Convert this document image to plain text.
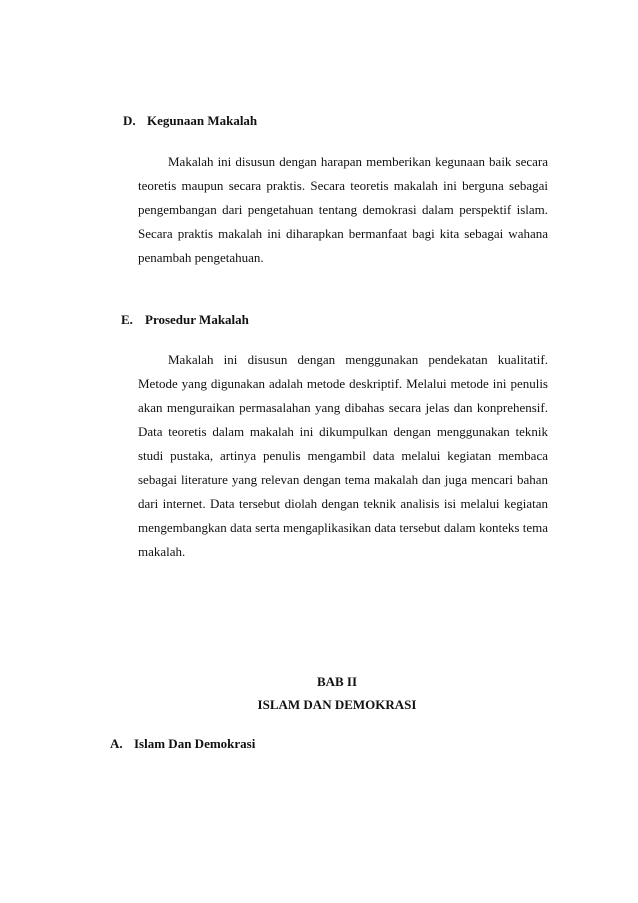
D. Kegunaan Makalah

Makalah ini disusun dengan harapan memberikan kegunaan baik secara teoretis maupun secara praktis. Secara teoretis makalah ini berguna sebagai pengembangan dari pengetahuan tentang demokrasi dalam perspektif islam. Secara praktis makalah ini diharapkan bermanfaat bagi kita sebagai wahana penambah pengetahuan.

E. Prosedur Makalah

Makalah ini disusun dengan menggunakan pendekatan kualitatif. Metode yang digunakan adalah metode deskriptif. Melalui metode ini penulis akan menguraikan permasalahan yang dibahas secara jelas dan konprehensif. Data teoretis dalam makalah ini dikumpulkan dengan menggunakan teknik studi pustaka, artinya penulis mengambil data melalui kegiatan membaca sebagai literature yang relevan dengan tema makalah dan juga mencari bahan dari internet. Data tersebut diolah dengan teknik analisis isi melalui kegiatan mengembangkan data serta mengaplikasikan data tersebut dalam konteks tema makalah.

BAB II

ISLAM DAN DEMOKRASI

A. Islam Dan Demokrasi
